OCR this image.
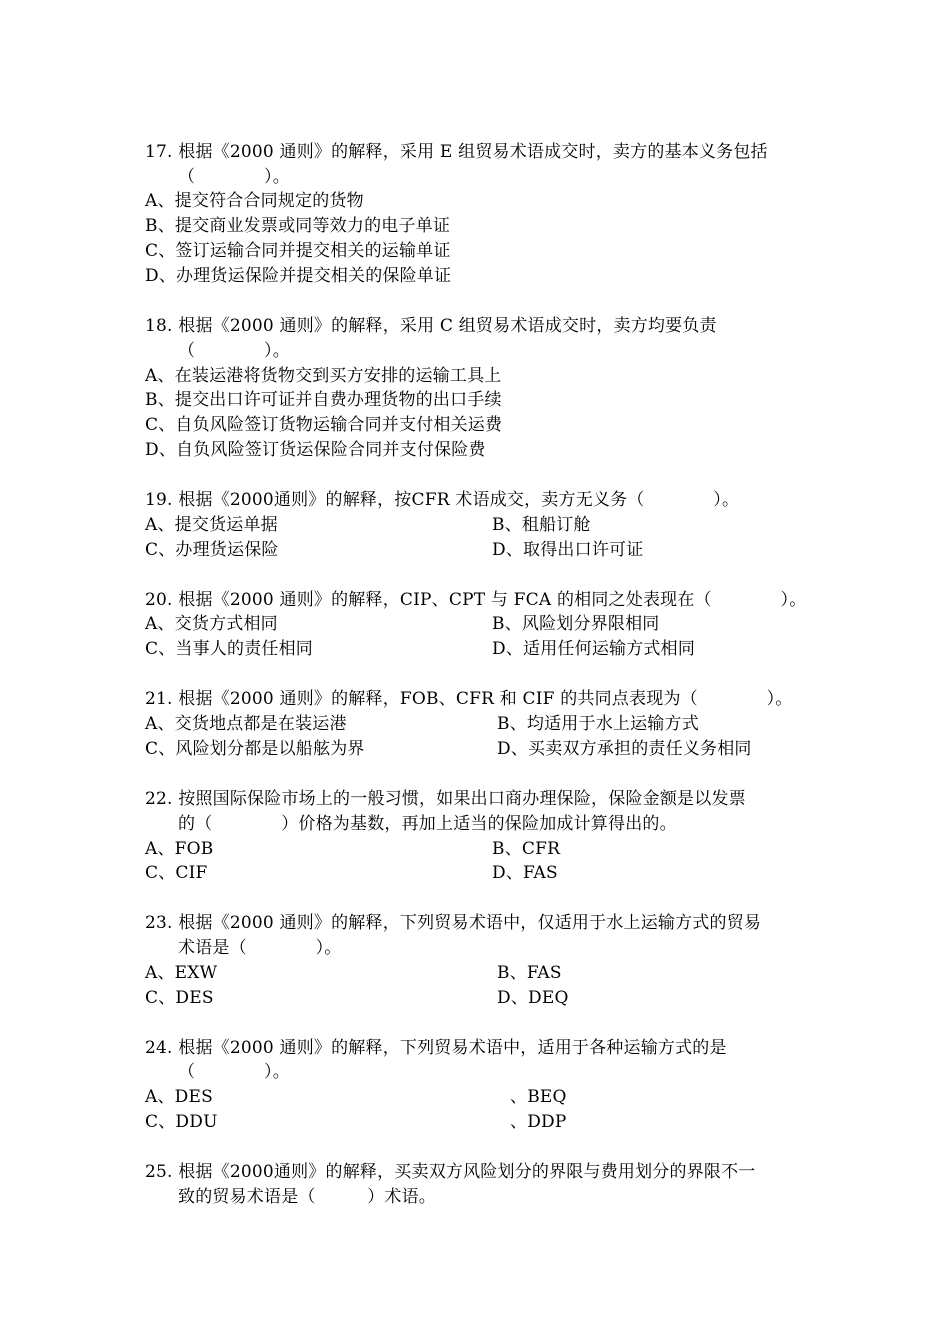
17. 根据《2000 通则》的解释，采用 E 组贸易术语成交时，卖方的基本义务包括
（　　　　）。
A、提交符合合同规定的货物
B、提交商业发票或同等效力的电子单证
C、签订运输合同并提交相关的运输单证
D、办理货运保险并提交相关的保险单证
18. 根据《2000 通则》的解释，采用 C 组贸易术语成交时，卖方均要负责
（　　　　）。
A、在装运港将货物交到买方安排的运输工具上
B、提交出口许可证并自费办理货物的出口手续
C、自负风险签订货物运输合同并支付相关运费
D、自负风险签订货运保险合同并支付保险费
19. 根据《2000通则》的解释，按CFR 术语成交，卖方无义务（　　　　）。
A、提交货运单据	B、租船订舱
C、办理货运保险	D、取得出口许可证
20. 根据《2000 通则》的解释，CIP、CPT 与 FCA 的相同之处表现在（　　　　）。
A、交货方式相同	B、风险划分界限相同
C、当事人的责任相同	D、适用任何运输方式相同
21. 根据《2000 通则》的解释，FOB、CFR 和 CIF 的共同点表现为（　　　　）。
A、交货地点都是在装运港	B、均适用于水上运输方式
C、风险划分都是以船舷为界	D、买卖双方承担的责任义务相同
22. 按照国际保险市场上的一般习惯，如果出口商办理保险，保险金额是以发票
的（　　　　）价格为基数，再加上适当的保险加成计算得出的。
A、FOB	B、CFR
C、CIF	D、FAS
23. 根据《2000 通则》的解释，下列贸易术语中，仅适用于水上运输方式的贸易
术语是（　　　　）。
A、EXW	B、FAS
C、DES	D、DEQ
24. 根据《2000 通则》的解释，下列贸易术语中，适用于各种运输方式的是
（　　　　）。
A、DES	、BEQ
C、DDU	、DDP
25. 根据《2000通则》的解释，买卖双方风险划分的界限与费用划分的界限不一
致的贸易术语是（　　　）术语。
